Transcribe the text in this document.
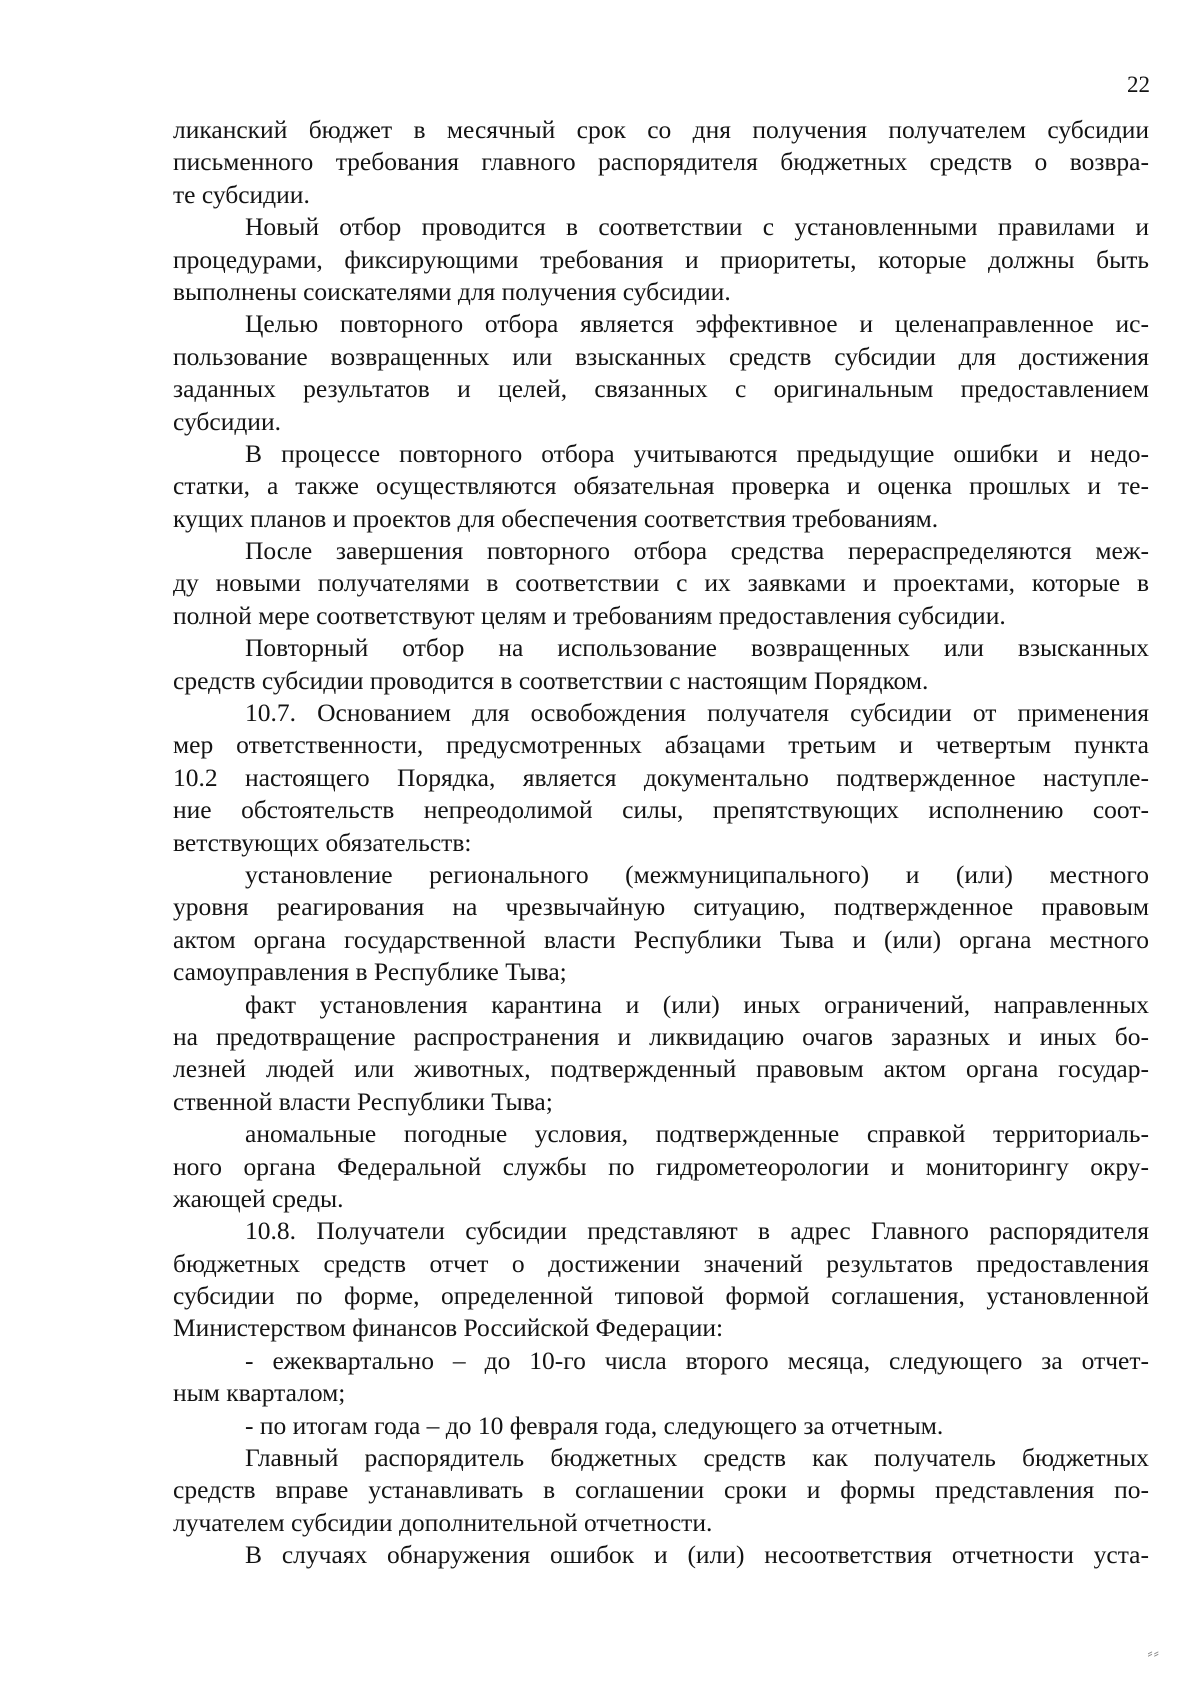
22
ликанский бюджет в месячный срок со дня получения получателем субсидии
письменного требования главного распорядителя бюджетных средств о возвра-
те субсидии.
Новый отбор проводится в соответствии с установленными правилами и
процедурами, фиксирующими требования и приоритеты, которые должны быть
выполнены соискателями для получения субсидии.
Целью повторного отбора является эффективное и целенаправленное ис-
пользование возвращенных или взысканных средств субсидии для достижения
заданных результатов и целей, связанных с оригинальным предоставлением
субсидии.
В процессе повторного отбора учитываются предыдущие ошибки и недо-
статки, а также осуществляются обязательная проверка и оценка прошлых и те-
кущих планов и проектов для обеспечения соответствия требованиям.
После завершения повторного отбора средства перераспределяются меж-
ду новыми получателями в соответствии с их заявками и проектами, которые в
полной мере соответствуют целям и требованиям предоставления субсидии.
Повторный отбор на использование возвращенных или взысканных
средств субсидии проводится в соответствии с настоящим Порядком.
10.7. Основанием для освобождения получателя субсидии от применения
мер ответственности, предусмотренных абзацами третьим и четвертым пункта
10.2 настоящего Порядка, является документально подтвержденное наступле-
ние обстоятельств непреодолимой силы, препятствующих исполнению соот-
ветствующих обязательств:
установление регионального (межмуниципального) и (или) местного
уровня реагирования на чрезвычайную ситуацию, подтвержденное правовым
актом органа государственной власти Республики Тыва и (или) органа местного
самоуправления в Республике Тыва;
факт установления карантина и (или) иных ограничений, направленных
на предотвращение распространения и ликвидацию очагов заразных и иных бо-
лезней людей или животных, подтвержденный правовым актом органа государ-
ственной власти Республики Тыва;
аномальные погодные условия, подтвержденные справкой территориаль-
ного органа Федеральной службы по гидрометеорологии и мониторингу окру-
жающей среды.
10.8. Получатели субсидии представляют в адрес Главного распорядителя
бюджетных средств отчет о достижении значений результатов предоставления
субсидии по форме, определенной типовой формой соглашения, установленной
Министерством финансов Российской Федерации:
- ежеквартально – до 10-го числа второго месяца, следующего за отчет-
ным кварталом;
- по итогам года – до 10 февраля года, следующего за отчетным.
Главный распорядитель бюджетных средств как получатель бюджетных
средств вправе устанавливать в соглашении сроки и формы представления по-
лучателем субсидии дополнительной отчетности.
В случаях обнаружения ошибок и (или) несоответствия отчетности уста-
⸗⸗
